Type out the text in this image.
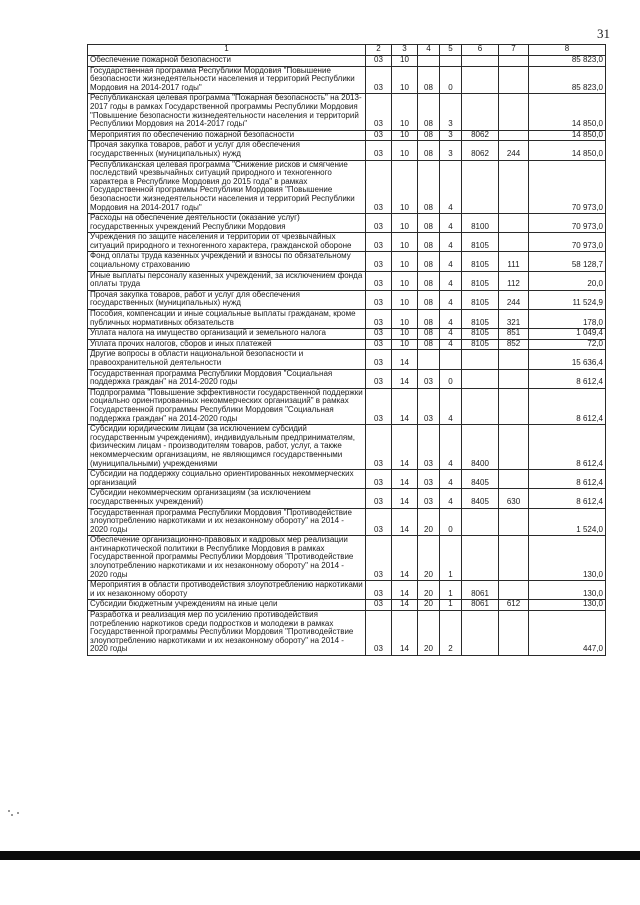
31
1	2	3	4	5	6	7	8
Обеспечение пожарной безопасности	03	10					85 823,0
Государственная программа Республики Мордовия "Повышение безопасности жизнедеятельности населения и территорий Республики Мордовия на 2014-2017 годы"	03	10	08	0			85 823,0
Республиканская целевая программа "Пожарная безопасность" на 2013-2017 годы в рамках Государственной программы Республики Мордовия "Повышение безопасности жизнедеятельности населения и территорий Республики Мордовия на 2014-2017 годы"	03	10	08	3			14 850,0
Мероприятия по обеспечению пожарной безопасности	03	10	08	3	8062		14 850,0
Прочая закупка товаров, работ и услуг для обеспечения государственных (муниципальных) нужд	03	10	08	3	8062	244	14 850,0
Республиканская целевая программа "Снижение рисков и смягчение последствий чрезвычайных ситуаций природного и техногенного характера в Республике Мордовия до 2015 года" в рамках Государственной программы Республики Мордовия "Повышение безопасности жизнедеятельности населения и территорий Республики Мордовия на 2014-2017 годы"	03	10	08	4			70 973,0
Расходы на обеспечение деятельности (оказание услуг) государственных учреждений Республики Мордовия	03	10	08	4	8100		70 973,0
Учреждения по защите населения и территории от чрезвычайных ситуаций природного и техногенного характера, гражданской обороне	03	10	08	4	8105		70 973,0
Фонд оплаты труда казенных учреждений и взносы по обязательному социальному страхованию	03	10	08	4	8105	111	58 128,7
Иные выплаты персоналу казенных учреждений, за исключением фонда оплаты труда	03	10	08	4	8105	112	20,0
Прочая закупка товаров, работ и услуг для обеспечения государственных (муниципальных) нужд	03	10	08	4	8105	244	11 524,9
Пособия, компенсации и иные социальные выплаты гражданам, кроме публичных нормативных обязательств	03	10	08	4	8105	321	178,0
Уплата налога на имущество организаций и земельного налога	03	10	08	4	8105	851	1 049,4
Уплата прочих налогов, сборов и иных платежей	03	10	08	4	8105	852	72,0
Другие вопросы в области национальной безопасности и правоохранительной деятельности	03	14					15 636,4
Государственная программа Республики Мордовия "Социальная поддержка граждан" на 2014-2020 годы	03	14	03	0			8 612,4
Подпрограмма "Повышение эффективности государственной поддержки социально ориентированных некоммерческих организаций" в рамках Государственной программы Республики Мордовия "Социальная поддержка граждан" на 2014-2020 годы	03	14	03	4			8 612,4
Субсидии юридическим лицам (за исключением субсидий государственным учреждениям), индивидуальным предпринимателям, физическим лицам - производителям товаров, работ, услуг, а также некоммерческим организациям, не являющимся государственными (муниципальными) учреждениями	03	14	03	4	8400		8 612,4
Субсидии на поддержку социально ориентированных некоммерческих организаций	03	14	03	4	8405		8 612,4
Субсидии некоммерческим организациям (за исключением государственных учреждений)	03	14	03	4	8405	630	8 612,4
Государственная программа Республики Мордовия "Противодействие злоупотреблению наркотиками и их незаконному обороту" на 2014 - 2020 годы	03	14	20	0			1 524,0
Обеспечение организационно-правовых и кадровых мер реализации антинаркотической политики в Республике Мордовия в рамках Государственной программы Республики Мордовия "Противодействие злоупотреблению наркотиками и их незаконному обороту" на 2014 - 2020 годы	03	14	20	1			130,0
Мероприятия в области противодействия злоупотреблению наркотиками и их незаконному обороту	03	14	20	1	8061		130,0
Субсидии бюджетным учреждениям на иные цели	03	14	20	1	8061	612	130,0
Разработка и реализация мер по усилению противодействия потреблению наркотиков среди подростков и молодежи в рамках Государственной программы Республики Мордовия "Противодействие злоупотреблению наркотиками и их незаконному обороту" на 2014 - 2020 годы	03	14	20	2			447,0
